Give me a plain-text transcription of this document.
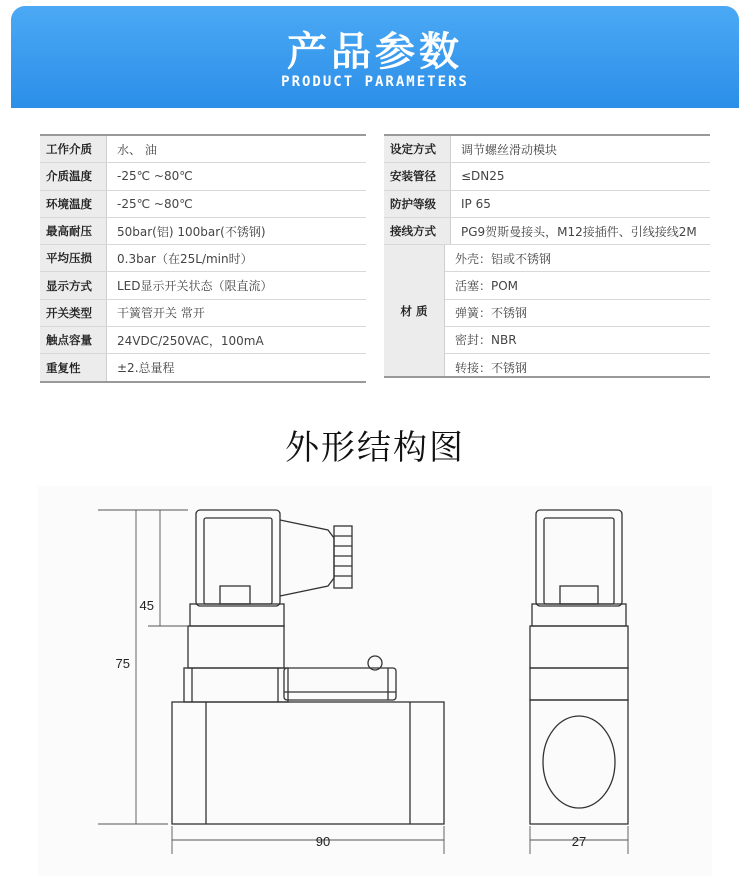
产品参数
PRODUCT PARAMETERS
工作介质	水、 油
介质温度	-25℃ ~80℃
环境温度	-25℃ ~80℃
最高耐压	50bar(铝) 100bar(不锈钢)
平均压损	0.3bar（在25L/min时）
显示方式	LED显示开关状态（限直流）
开关类型	干簧管开关 常开
触点容量	24VDC/250VAC，100mA
重复性	±2.总量程
设定方式	调节螺丝滑动模块
安装管径	≤DN25
防护等级	IP 65
接线方式	PG9贺斯曼接头，M12接插件、引线接线2M
材 质
外壳：铝或不锈钢
活塞：POM
弹簧：不锈钢
密封：NBR
转接：不锈钢
外形结构图
45
75
90	27
